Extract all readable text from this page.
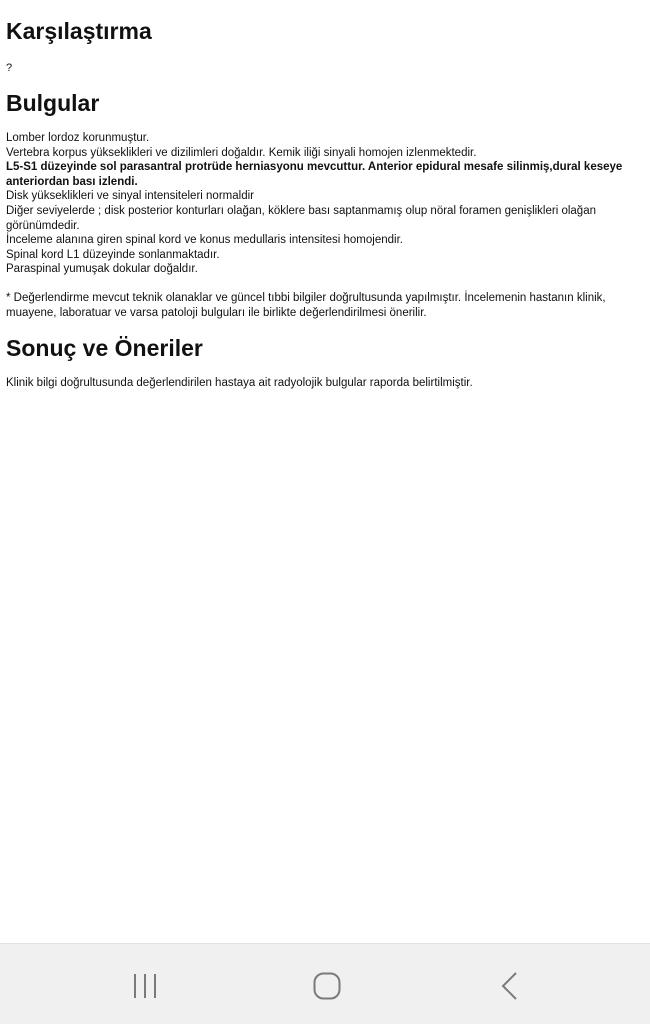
Karşılaştırma
?
Bulgular

Lomber lordoz korunmuştur.

Vertebra korpus yükseklikleri ve dizilimleri doğaldır. Kemik iliği sinyali homojen izlenmektedir.

L5-S1 düzeyinde sol parasantral protrüde herniasyonu mevcuttur. Anterior epidural mesafe silinmiş,dural keseye anteriordan bası izlendi.

Disk yükseklikleri ve sinyal intensiteleri normaldir

Diğer seviyelerde ; disk posterior konturları olağan, köklere bası saptanmamış olup nöral foramen genişlikleri olağan görünümdedir.

İnceleme alanına giren spinal kord ve konus medullaris intensitesi homojendir.

Spinal kord L1 düzeyinde sonlanmaktadır.

Paraspinal yumuşak dokular doğaldır.

* Değerlendirme mevcut teknik olanaklar ve güncel tıbbi bilgiler doğrultusunda yapılmıştır. İncelemenin hastanın klinik, muayene, laboratuar ve varsa patoloji bulguları ile birlikte değerlendirilmesi önerilir.

Sonuç ve Öneriler

Klinik bilgi doğrultusunda değerlendirilen hastaya ait radyolojik bulgular raporda belirtilmiştir.
